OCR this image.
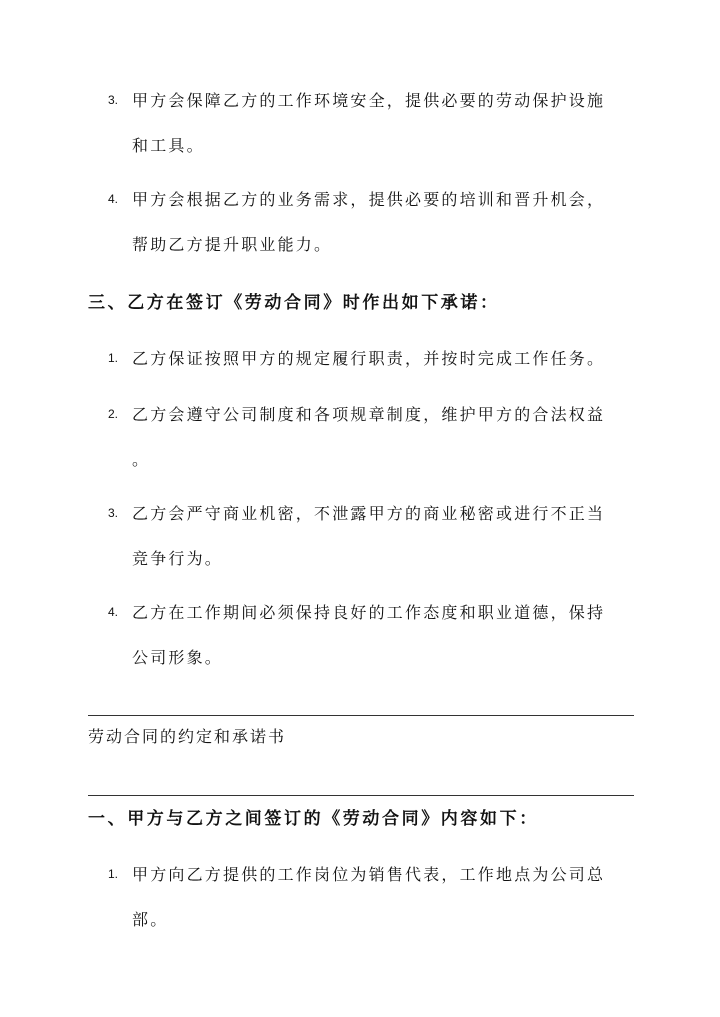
3. 甲方会保障乙方的工作环境安全，提供必要的劳动保护设施
和工具。
4. 甲方会根据乙方的业务需求，提供必要的培训和晋升机会，
帮助乙方提升职业能力。
三、乙方在签订《劳动合同》时作出如下承诺：
1. 乙方保证按照甲方的规定履行职责，并按时完成工作任务。
2. 乙方会遵守公司制度和各项规章制度，维护甲方的合法权益
。
3. 乙方会严守商业机密，不泄露甲方的商业秘密或进行不正当
竞争行为。
4. 乙方在工作期间必须保持良好的工作态度和职业道德，保持
公司形象。
劳动合同的约定和承诺书
一、甲方与乙方之间签订的《劳动合同》内容如下：
1. 甲方向乙方提供的工作岗位为销售代表，工作地点为公司总
部。
